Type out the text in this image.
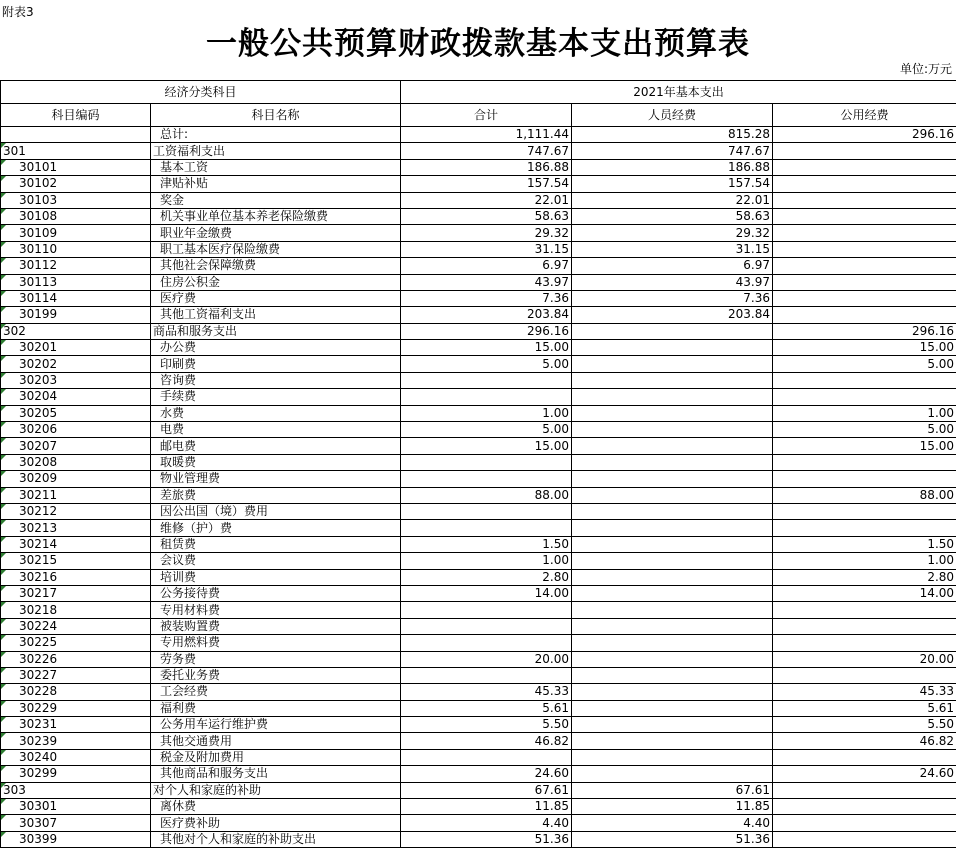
附表3
一般公共预算财政拨款基本支出预算表
单位:万元
经济分类科目		2021年基本支出		
科目编码	科目名称	合计	人员经费	公用经费
	总计:	1,111.44	815.28	296.16
301	工资福利支出	747.67	747.67	
30101	基本工资	186.88	186.88	
30102	津贴补贴	157.54	157.54	
30103	奖金	22.01	22.01	
30108	机关事业单位基本养老保险缴费	58.63	58.63	
30109	职业年金缴费	29.32	29.32	
30110	职工基本医疗保险缴费	31.15	31.15	
30112	其他社会保障缴费	6.97	6.97	
30113	住房公积金	43.97	43.97	
30114	医疗费	7.36	7.36	
30199	其他工资福利支出	203.84	203.84	
302	商品和服务支出	296.16		296.16
30201	办公费	15.00		15.00
30202	印刷费	5.00		5.00
30203	咨询费			
30204	手续费			
30205	水费	1.00		1.00
30206	电费	5.00		5.00
30207	邮电费	15.00		15.00
30208	取暖费			
30209	物业管理费			
30211	差旅费	88.00		88.00
30212	因公出国（境）费用			
30213	维修（护）费			
30214	租赁费	1.50		1.50
30215	会议费	1.00		1.00
30216	培训费	2.80		2.80
30217	公务接待费	14.00		14.00
30218	专用材料费			
30224	被装购置费			
30225	专用燃料费			
30226	劳务费	20.00		20.00
30227	委托业务费			
30228	工会经费	45.33		45.33
30229	福利费	5.61		5.61
30231	公务用车运行维护费	5.50		5.50
30239	其他交通费用	46.82		46.82
30240	税金及附加费用			
30299	其他商品和服务支出	24.60		24.60
303	对个人和家庭的补助	67.61	67.61	
30301	离休费	11.85	11.85	
30307	医疗费补助	4.40	4.40	
30399	其他对个人和家庭的补助支出	51.36	51.36	
